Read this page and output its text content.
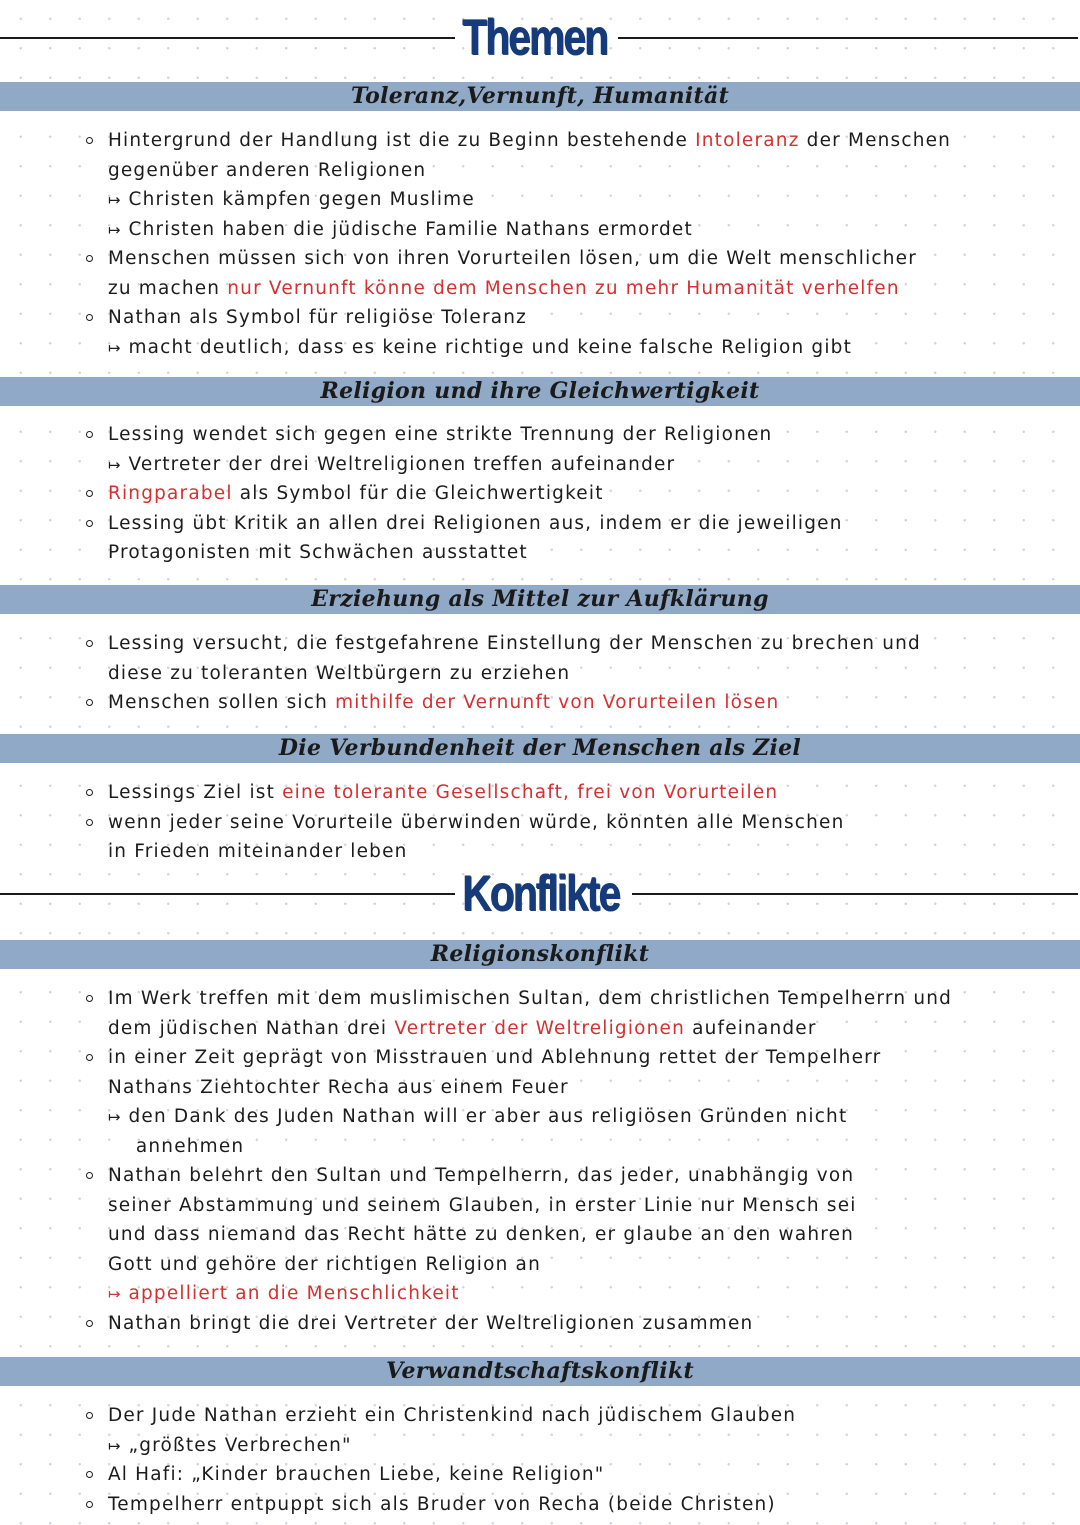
Themen
Toleranz,Vernunft, Humanität
Hintergrund der Handlung ist die zu Beginn bestehende Intoleranz der Menschen
gegenüber anderen Religionen
↦ Christen kämpfen gegen Muslime
↦ Christen haben die jüdische Familie Nathans ermordet
Menschen müssen sich von ihren Vorurteilen lösen, um die Welt menschlicher
zu machen nur Vernunft könne dem Menschen zu mehr Humanität verhelfen
Nathan als Symbol für religiöse Toleranz
↦ macht deutlich, dass es keine richtige und keine falsche Religion gibt
Religion und ihre Gleichwertigkeit
Lessing wendet sich gegen eine strikte Trennung der Religionen
↦ Vertreter der drei Weltreligionen treffen aufeinander
Ringparabel als Symbol für die Gleichwertigkeit
Lessing übt Kritik an allen drei Religionen aus, indem er die jeweiligen
Protagonisten mit Schwächen ausstattet
Erziehung als Mittel zur Aufklärung
Lessing versucht, die festgefahrene Einstellung der Menschen zu brechen und
diese zu toleranten Weltbürgern zu erziehen
Menschen sollen sich mithilfe der Vernunft von Vorurteilen lösen
Die Verbundenheit der Menschen als Ziel
Lessings Ziel ist eine tolerante Gesellschaft, frei von Vorurteilen
wenn jeder seine Vorurteile überwinden würde, könnten alle Menschen
in Frieden miteinander leben
Konflikte
Religionskonflikt
Im Werk treffen mit dem muslimischen Sultan, dem christlichen Tempelherrn und
dem jüdischen Nathan drei Vertreter der Weltreligionen aufeinander
in einer Zeit geprägt von Misstrauen und Ablehnung rettet der Tempelherr
Nathans Ziehtochter Recha aus einem Feuer
↦ den Dank des Juden Nathan will er aber aus religiösen Gründen nicht
annehmen
Nathan belehrt den Sultan und Tempelherrn, das jeder, unabhängig von
seiner Abstammung und seinem Glauben, in erster Linie nur Mensch sei
und dass niemand das Recht hätte zu denken, er glaube an den wahren
Gott und gehöre der richtigen Religion an
↦ appelliert an die Menschlichkeit
Nathan bringt die drei Vertreter der Weltreligionen zusammen
Verwandtschaftskonflikt
Der Jude Nathan erzieht ein Christenkind nach jüdischem Glauben
↦ „größtes Verbrechen"
Al Hafi: „Kinder brauchen Liebe, keine Religion"
Tempelherr entpuppt sich als Bruder von Recha (beide Christen)
